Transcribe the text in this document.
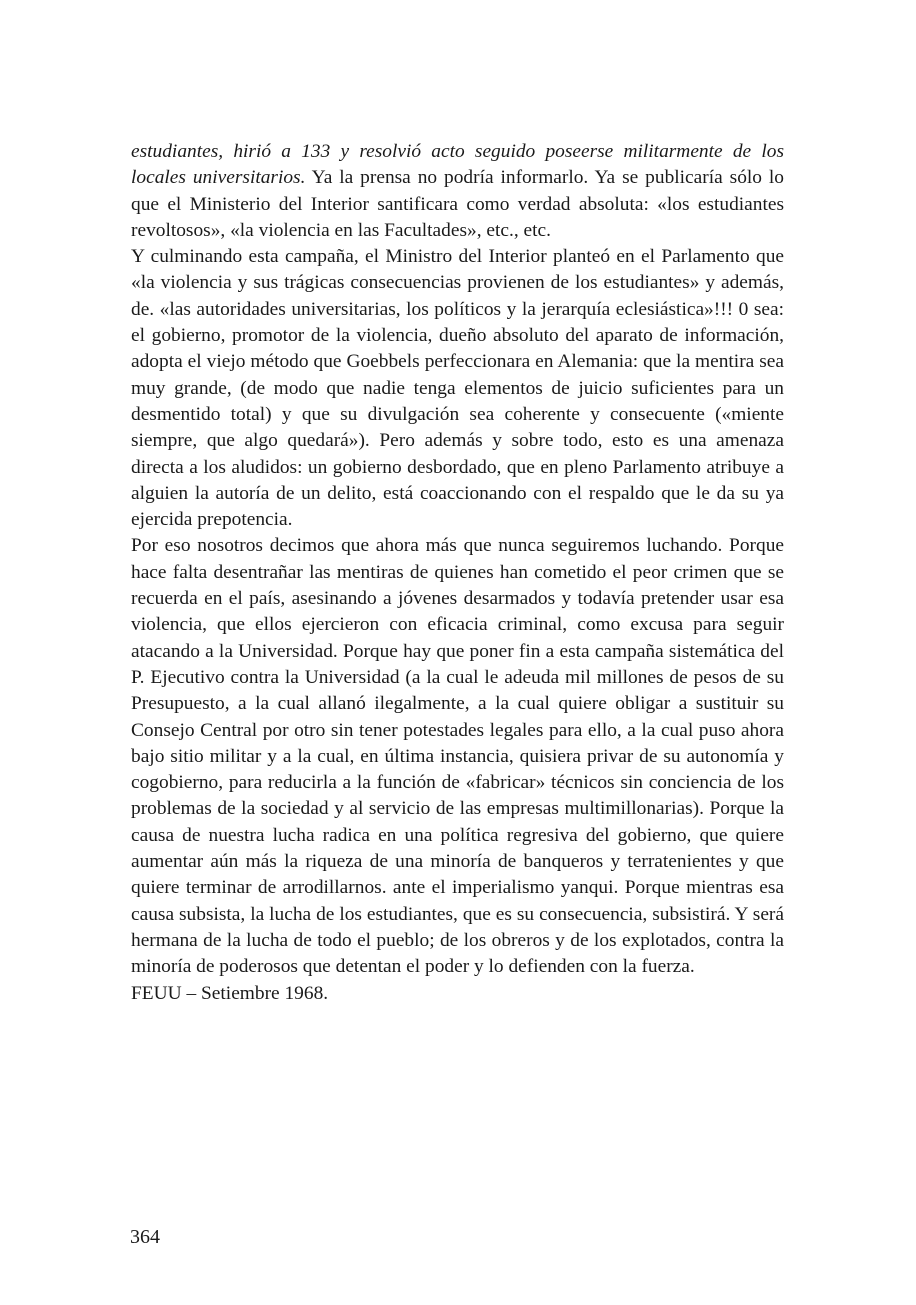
estudiantes, hirió a 133 y resolvió acto seguido poseerse militarmente de los locales universitarios. Ya la prensa no podría informarlo. Ya se publicaría sólo lo que el Ministerio del Interior santificara como verdad absoluta: «los estudiantes revoltosos», «la violencia en las Facultades», etc., etc.

Y culminando esta campaña, el Ministro del Interior planteó en el Parlamento que «la violencia y sus trágicas consecuencias provienen de los estudiantes» y además, de. «las autoridades universitarias, los políticos y la jerarquía eclesiástica»!!! 0 sea: el gobierno, promotor de la violencia, dueño absoluto del aparato de información, adopta el viejo método que Goebbels perfeccionara en Alemania: que la mentira sea muy grande, (de modo que nadie tenga elementos de juicio suficientes para un desmentido total) y que su divulgación sea coherente y consecuente («miente siempre, que algo quedará»). Pero además y sobre todo, esto es una amenaza directa a los aludidos: un gobierno desbordado, que en pleno Parlamento atribuye a alguien la autoría de un delito, está coaccionando con el respaldo que le da su ya ejercida prepotencia.

Por eso nosotros decimos que ahora más que nunca seguiremos luchando. Porque hace falta desentrañar las mentiras de quienes han cometido el peor crimen que se recuerda en el país, asesinando a jóvenes desarmados y todavía pretender usar esa violencia, que ellos ejercieron con eficacia criminal, como excusa para seguir atacando a la Universidad. Porque hay que poner fin a esta campaña sistemática del P. Ejecutivo contra la Universidad (a la cual le adeuda mil millones de pesos de su Presupuesto, a la cual allanó ilegalmente, a la cual quiere obligar a sustituir su Consejo Central por otro sin tener potestades legales para ello, a la cual puso ahora bajo sitio militar y a la cual, en última instancia, quisiera privar de su autonomía y cogobierno, para reducirla a la función de «fabricar» técnicos sin conciencia de los problemas de la sociedad y al servicio de las empresas multimillonarias). Porque la causa de nuestra lucha radica en una política regresiva del gobierno, que quiere aumentar aún más la riqueza de una minoría de banqueros y terratenientes y que quiere terminar de arrodillarnos. ante el imperialismo yanqui. Porque mientras esa causa subsista, la lucha de los estudiantes, que es su consecuencia, subsistirá. Y será hermana de la lucha de todo el pueblo; de los obreros y de los explotados, contra la minoría de poderosos que detentan el poder y lo defienden con la fuerza.

FEUU – Setiembre 1968.

364
